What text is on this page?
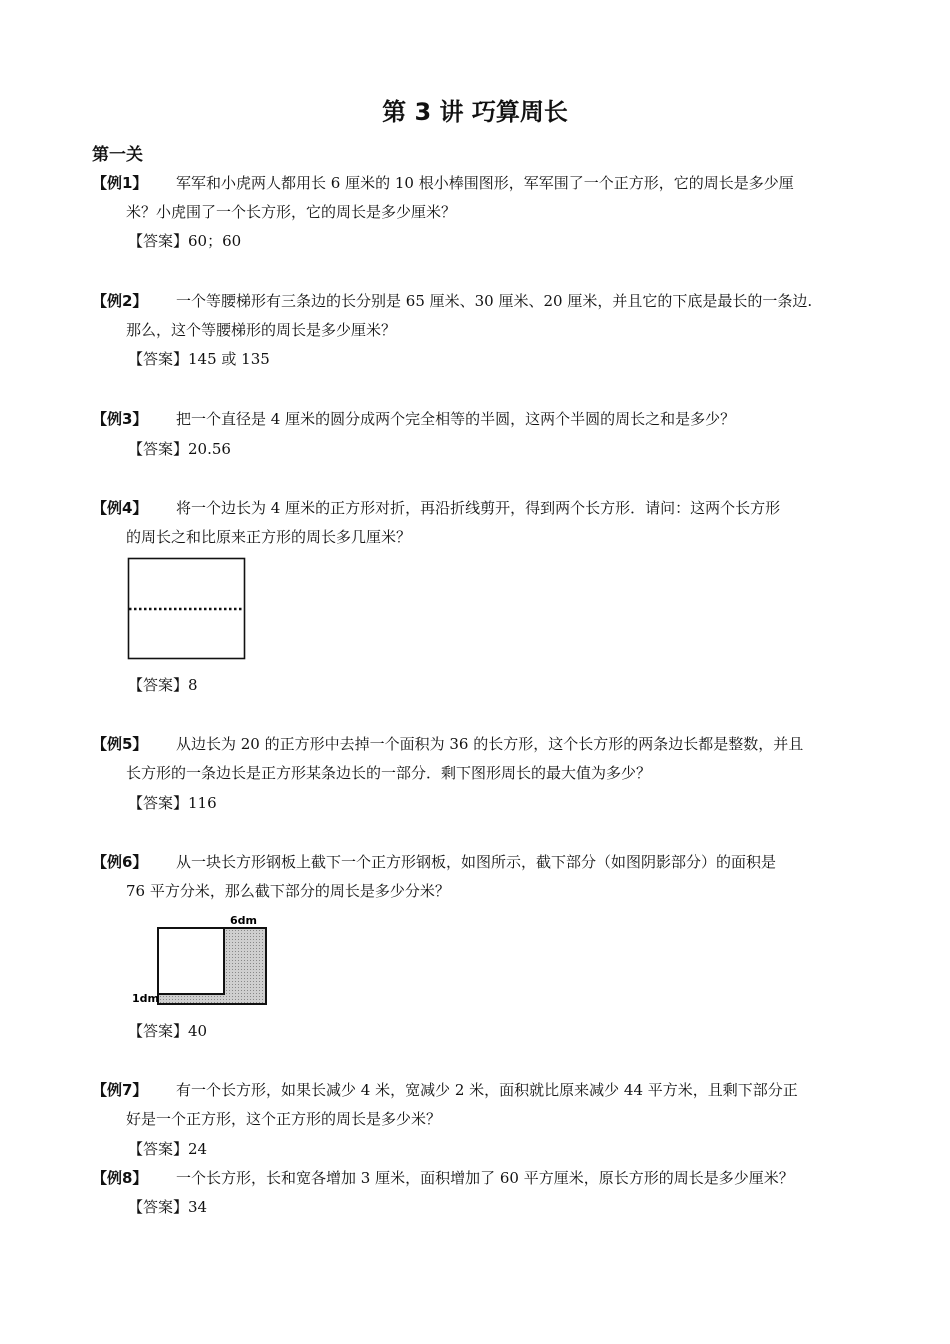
第 3 讲 巧算周长
第一关
【例1】 军军和小虎两人都用长 6 厘米的 10 根小棒围图形，军军围了一个正方形，它的周长是多少厘
米？小虎围了一个长方形，它的周长是多少厘米？
【答案】60；60
【例2】 一个等腰梯形有三条边的长分别是 65 厘米、30 厘米、20 厘米，并且它的下底是最长的一条边.
那么，这个等腰梯形的周长是多少厘米？
【答案】145 或 135
【例3】 把一个直径是 4 厘米的圆分成两个完全相等的半圆，这两个半圆的周长之和是多少？
【答案】20.56
【例4】 将一个边长为 4 厘米的正方形对折，再沿折线剪开，得到两个长方形．请问：这两个长方形
的周长之和比原来正方形的周长多几厘米？
【答案】8
【例5】 从边长为 20 的正方形中去掉一个面积为 36 的长方形，这个长方形的两条边长都是整数，并且
长方形的一条边长是正方形某条边长的一部分．剩下图形周长的最大值为多少？
【答案】116
【例6】 从一块长方形钢板上截下一个正方形钢板，如图所示，截下部分（如图阴影部分）的面积是
76 平方分米，那么截下部分的周长是多少分米？
6dm
1dm
【答案】40
【例7】 有一个长方形，如果长减少 4 米，宽减少 2 米，面积就比原来减少 44 平方米，且剩下部分正
好是一个正方形，这个正方形的周长是多少米？
【答案】24
【例8】 一个长方形，长和宽各增加 3 厘米，面积增加了 60 平方厘米，原长方形的周长是多少厘米？
【答案】34
